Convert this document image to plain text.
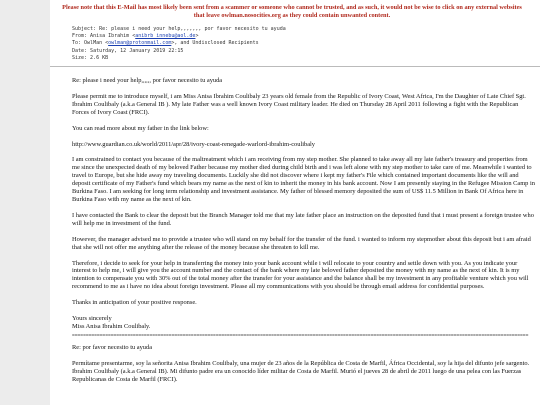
Please note that this E-Mail has most likely been sent from a scammer or someone who cannot be trusted, and as such, it would not be wise to click on any external websites that leave owlman.nosocities.org as they could contain unwanted content.
Subject: Re: please i need your help,,,,,,, por favor necesito tu ayuda
From: Anisa Ibrahim <anibrb_innebu@aol.de>
To: OwlMan <owlman@protonmail.com>, and Undisclosed Recipients
Date: Saturday, 12 January 2019 22:15
Size: 2.6 KB

Re: please i need your help,,,,,, por favor necesito tu ayuda

Please permit me to introduce myself, i am Miss Anisa Ibrahim Coulibaly 23 years old female from the Republic of Ivory Coast, West Africa, I'm the Daughter of Late Chief Sgt. Ibrahim Coulibaly (a.k.a General IB ). My late Father was a well known Ivory Coast military leader. He died on Thursday 28 April 2011 following a fight with the Republican Forces of Ivory Coast (FRCI).

You can read more about my father in the link below:

http://www.guardian.co.uk/world/2011/apr/28/ivory-coast-renegade-warlord-ibrahim-coulibaly

I am constrained to contact you because of the maltreatment which i am receiving from my step mother. She planned to take away all my late father's treasury and properties from me since the unexpected death of my beloved Father because my mother died during child birth and i was left alone with my step mother to take care of me. Meanwhile i wanted to travel to Europe, but she hide away my traveling documents. Luckily she did not discover where i kept my father's File which contained important documents like the will and deposit certificate of my Father's fund which bears my name as the next of kin to inherit the money in his bank account. Now I am presently staying in the Refugee Mission Camp in Burkina Faso. I am seeking for long term relationship and investment assistance. My father of blessed memory deposited the sum of US$ 11.5 Million in Bank Of Africa here in Burkina Faso with my name as the next of kin.

I have contacted the Bank to clear the deposit but the Branch Manager told me that my late father place an instruction on the deposited fund that i must present a foreign trustee who will help me in investment of the fund.

However, the manager advised me to provide a trustee who will stand on my behalf for the transfer of the fund. i wanted to inform my stepmother about this deposit but i am afraid that she will not offer me anything after the release of the money because she threaten to kill me.

Therefore, i decide to seek for your help in transferring the money into your bank account while i will relocate to your country and settle down with you. As you indicate your interest to help me, i will give you the account number and the contact of the bank where my late beloved father deposited the money with my name as the next of kin. It is my intention to compensate you with 30% out of the total money after the transfer for your assistance and the balance shall be my investment in any profitable venture which you will recommend to me as i have no idea about foreign investment. Please all my communications with you should be through email address for confidential purposes.

Thanks in anticipation of your positive response.

Yours sincerely
Miss Anisa Ibrahim Coulibaly.

=====================================================================================================================================================================

Re: por favor necesito tu ayuda

Permítame presentarme, soy la señorita Anisa Ibrahim Coulibaly, una mujer de 23 años de la República de Costa de Marfil, África Occidental, soy la hija del difunto jefe sargento. Ibrahim Coulibaly (a.k.a General IB). Mi difunto padre era un conocido líder militar de Costa de Marfil. Murió el jueves 28 de abril de 2011 luego de una pelea con las Fuerzas Republicanas de Costa de Marfil (FRCI).
